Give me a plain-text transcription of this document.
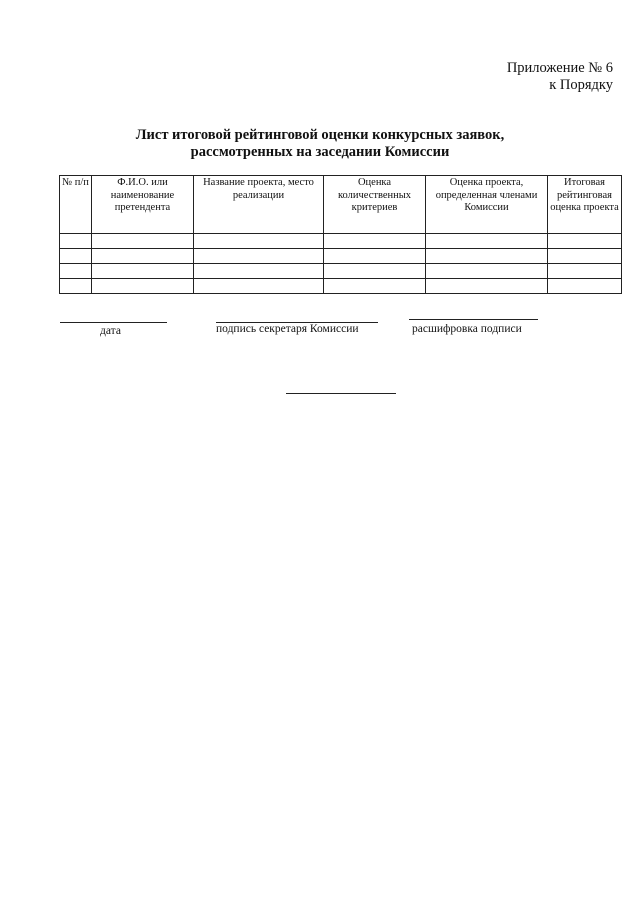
Приложение № 6
к Порядку
Лист итоговой рейтинговой оценки конкурсных заявок,
рассмотренных на заседании Комиссии
№ п/п	Ф.И.О. или наименование претендента	Название проекта, место реализации	Оценка количественных критериев	Оценка проекта, определенная членами Комиссии	Итоговая рейтинговая оценка проекта

дата	подпись секретаря Комиссии	расшифровка подписи
